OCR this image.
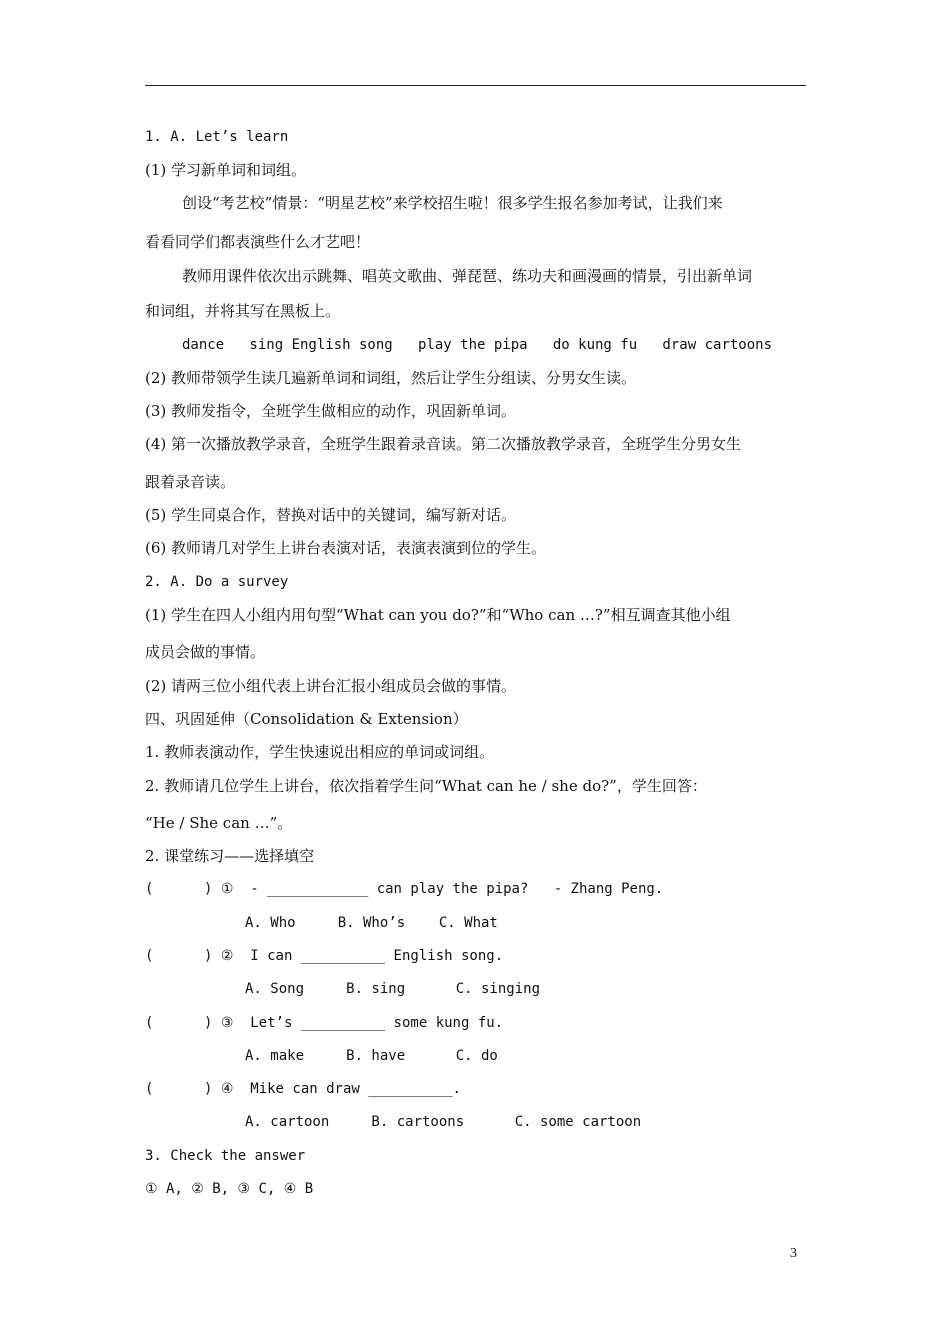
1. A. Let’s learn
(1) 学习新单词和词组。
创设“考艺校”情景：“明星艺校”来学校招生啦！很多学生报名参加考试，让我们来
看看同学们都表演些什么才艺吧！
教师用课件依次出示跳舞、唱英文歌曲、弹琵琶、练功夫和画漫画的情景，引出新单词
和词组，并将其写在黑板上。
dance   sing English song   play the pipa   do kung fu   draw cartoons
(2) 教师带领学生读几遍新单词和词组，然后让学生分组读、分男女生读。
(3) 教师发指令，全班学生做相应的动作，巩固新单词。
(4) 第一次播放教学录音，全班学生跟着录音读。第二次播放教学录音，全班学生分男女生
跟着录音读。
(5) 学生同桌合作，替换对话中的关键词，编写新对话。
(6) 教师请几对学生上讲台表演对话，表演表演到位的学生。
2. A. Do a survey
(1) 学生在四人小组内用句型“What can you do?”和“Who can …?”相互调查其他小组
成员会做的事情。
(2) 请两三位小组代表上讲台汇报小组成员会做的事情。
四、巩固延伸（Consolidation & Extension）
1. 教师表演动作，学生快速说出相应的单词或词组。
2. 教师请几位学生上讲台，依次指着学生问“What can he / she do?”，学生回答：
“He / She can …”。
2. 课堂练习——选择填空
(      ) ①  - ____________ can play the pipa?   - Zhang Peng.
A. Who     B. Who’s    C. What
(      ) ②  I can __________ English song.
A. Song     B. sing      C. singing
(      ) ③  Let’s __________ some kung fu.
A. make     B. have      C. do
(      ) ④  Mike can draw __________.
A. cartoon     B. cartoons      C. some cartoon
3. Check the answer
① A, ② B, ③ C, ④ B
3
